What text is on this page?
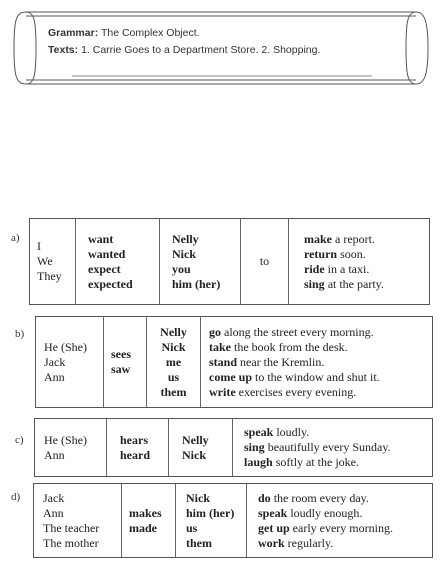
Grammar: The Complex Object.
Texts: 1. Carrie Goes to a Department Store. 2. Shopping.
a)
I
We
They
want
wanted
expect
expected
Nelly
Nick
you
him (her)
to
make a report.
return soon.
ride in a taxi.
sing at the party.
b)
He (She)
Jack
Ann
sees
saw
Nelly
Nick
me
us
them
go along the street every morning.
take the book from the desk.
stand near the Kremlin.
come up to the window and shut it.
write exercises every evening.
c) He (She)
Ann
hears
heard
Nelly
Nick
speak loudly.
sing beautifully every Sunday.
laugh softly at the joke.
d) Jack
Ann
The teacher
The mother
makes
made
Nick
him (her)
us
them
do the room every day.
speak loudly enough.
get up early every morning.
work regularly.
